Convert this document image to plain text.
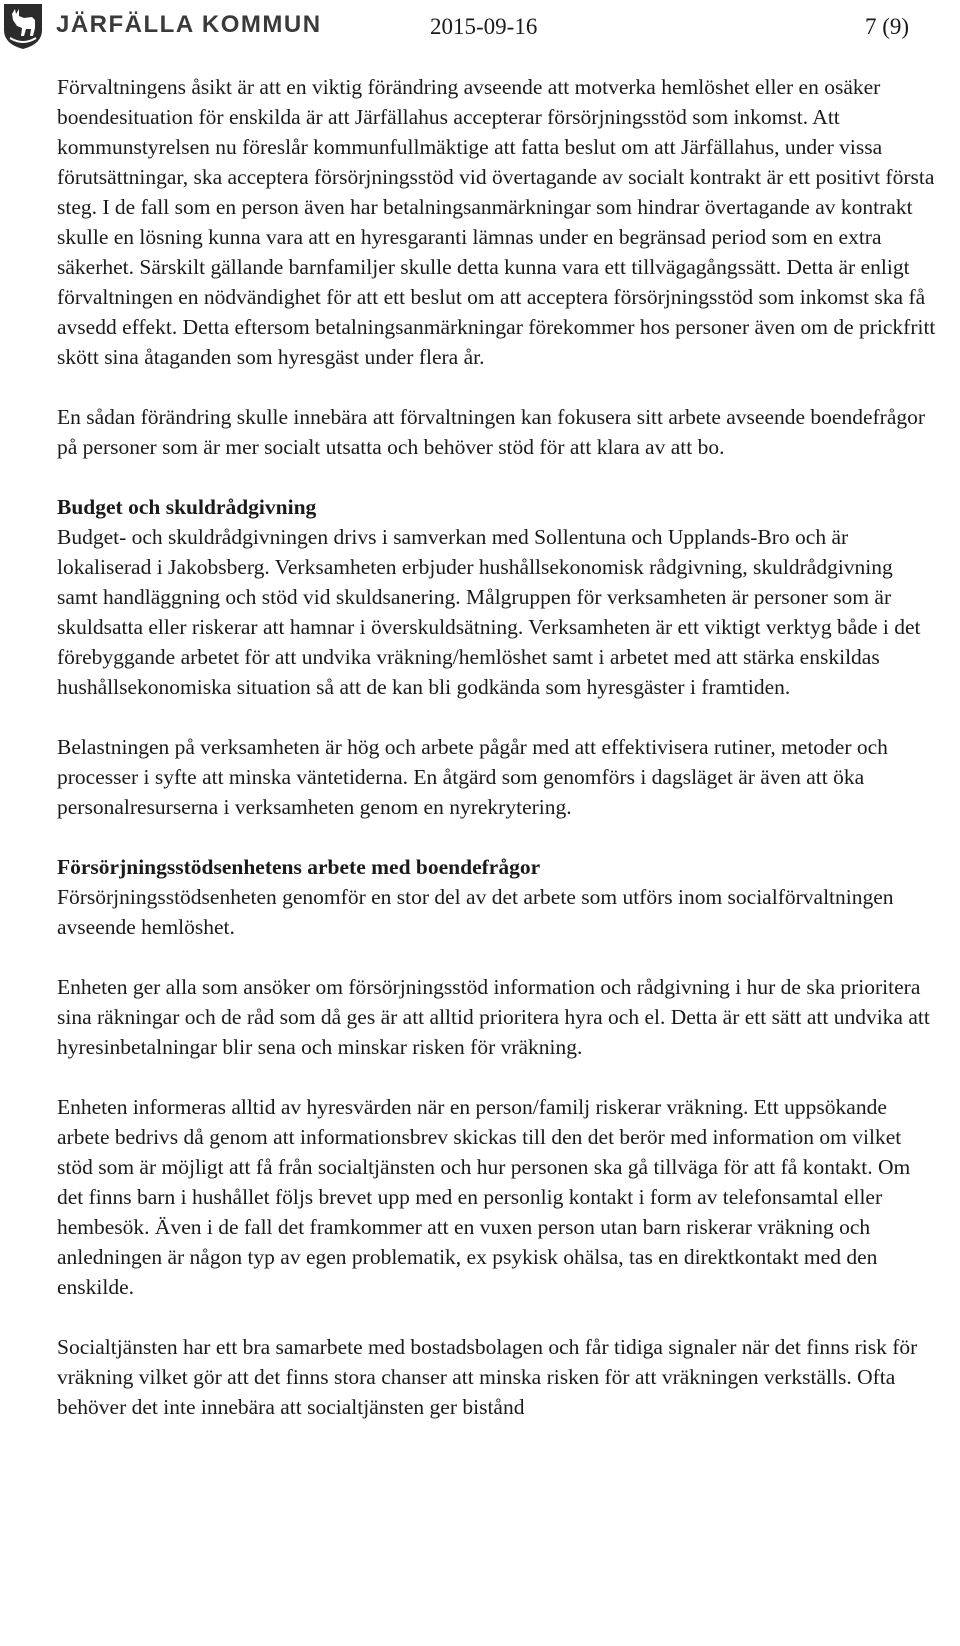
JÄRFÄLLA KOMMUN	2015-09-16	7 (9)

Förvaltningens åsikt är att en viktig förändring avseende att motverka hemlöshet eller en osäker boendesituation för enskilda är att Järfällahus accepterar försörjningsstöd som inkomst. Att kommunstyrelsen nu föreslår kommunfullmäktige att fatta beslut om att Järfällahus, under vissa förutsättningar, ska acceptera försörjningsstöd vid övertagande av socialt kontrakt är ett positivt första steg. I de fall som en person även har betalningsanmärkningar som hindrar övertagande av kontrakt skulle en lösning kunna vara att en hyresgaranti lämnas under en begränsad period som en extra säkerhet. Särskilt gällande barnfamiljer skulle detta kunna vara ett tillvägagångssätt. Detta är enligt förvaltningen en nödvändighet för att ett beslut om att acceptera försörjningsstöd som inkomst ska få avsedd effekt. Detta eftersom betalningsanmärkningar förekommer hos personer även om de prickfritt skött sina åtaganden som hyresgäst under flera år.

En sådan förändring skulle innebära att förvaltningen kan fokusera sitt arbete avseende boendefrågor på personer som är mer socialt utsatta och behöver stöd för att klara av att bo.

Budget och skuldrådgivning

Budget- och skuldrådgivningen drivs i samverkan med Sollentuna och Upplands-Bro och är lokaliserad i Jakobsberg. Verksamheten erbjuder hushållsekonomisk rådgivning, skuldrådgivning samt handläggning och stöd vid skuldsanering. Målgruppen för verksamheten är personer som är skuldsatta eller riskerar att hamnar i överskuldsätning. Verksamheten är ett viktigt verktyg både i det förebyggande arbetet för att undvika vräkning/hemlöshet samt i arbetet med att stärka enskildas hushållsekonomiska situation så att de kan bli godkända som hyresgäster i framtiden.

Belastningen på verksamheten är hög och arbete pågår med att effektivisera rutiner, metoder och processer i syfte att minska väntetiderna. En åtgärd som genomförs i dagsläget är även att öka personalresurserna i verksamheten genom en nyrekrytering.

Försörjningsstödsenhetens arbete med boendefrågor

Försörjningsstödsenheten genomför en stor del av det arbete som utförs inom socialförvaltningen avseende hemlöshet.

Enheten ger alla som ansöker om försörjningsstöd information och rådgivning i hur de ska prioritera sina räkningar och de råd som då ges är att alltid prioritera hyra och el. Detta är ett sätt att undvika att hyresinbetalningar blir sena och minskar risken för vräkning.

Enheten informeras alltid av hyresvärden när en person/familj riskerar vräkning. Ett uppsökande arbete bedrivs då genom att informationsbrev skickas till den det berör med information om vilket stöd som är möjligt att få från socialtjänsten och hur personen ska gå tillväga för att få kontakt. Om det finns barn i hushållet följs brevet upp med en personlig kontakt i form av telefonsamtal eller hembesök. Även i de fall det framkommer att en vuxen person utan barn riskerar vräkning och anledningen är någon typ av egen problematik, ex psykisk ohälsa, tas en direktkontakt med den enskilde.

Socialtjänsten har ett bra samarbete med bostadsbolagen och får tidiga signaler när det finns risk för vräkning vilket gör att det finns stora chanser att minska risken för att vräkningen verkställs. Ofta behöver det inte innebära att socialtjänsten ger bistånd
